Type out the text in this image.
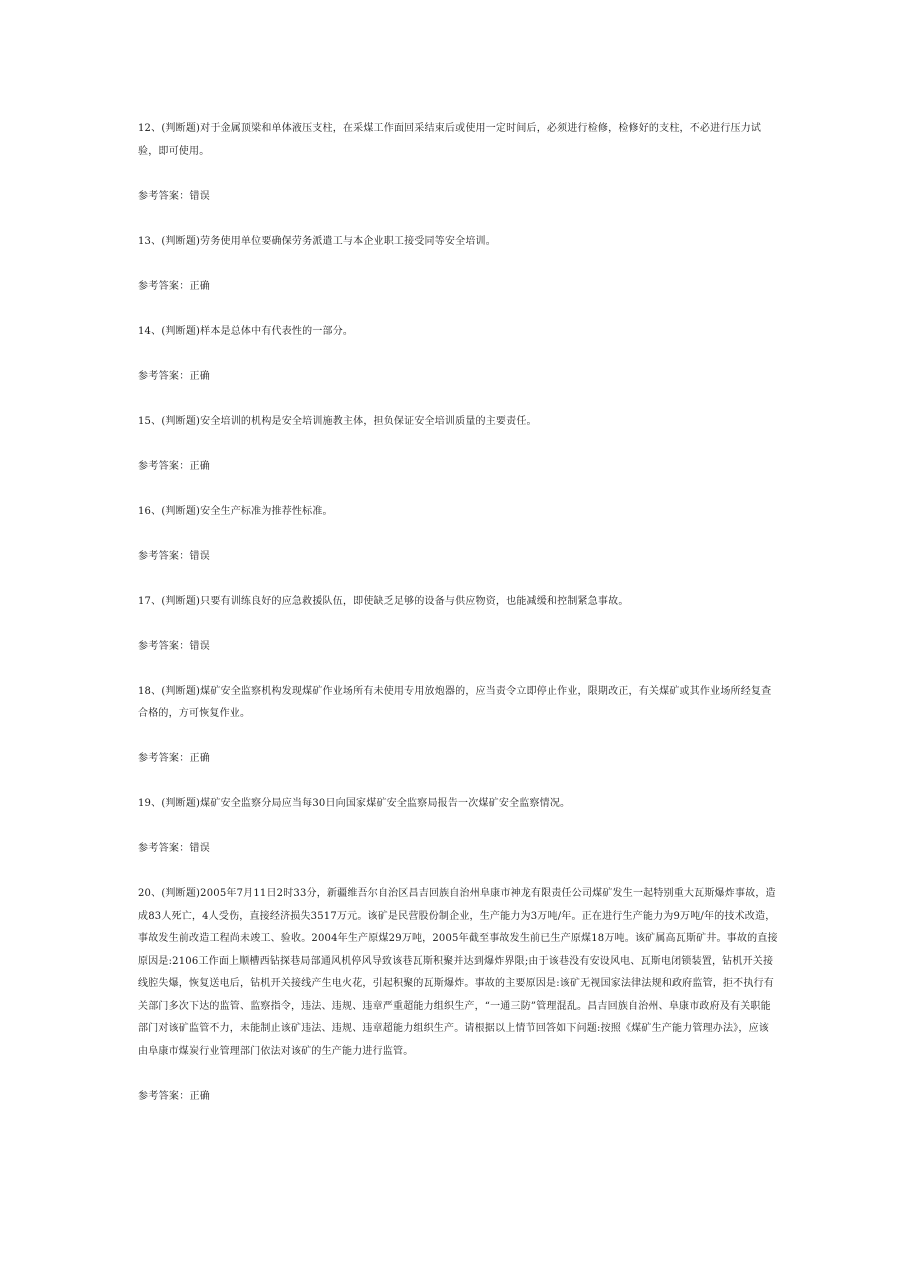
12、(判断题)对于金属顶梁和单体液压支柱，在采煤工作面回采结束后或使用一定时间后，必须进行检修，检修好的支柱，不必进行压力试验，即可使用。

参考答案：错误

13、(判断题)劳务使用单位要确保劳务派遣工与本企业职工接受同等安全培训。

参考答案：正确

14、(判断题)样本是总体中有代表性的一部分。

参考答案：正确

15、(判断题)安全培训的机构是安全培训施教主体，担负保证安全培训质量的主要责任。

参考答案：正确

16、(判断题)安全生产标准为推荐性标准。

参考答案：错误

17、(判断题)只要有训练良好的应急救援队伍，即使缺乏足够的设备与供应物资，也能减缓和控制紧急事故。

参考答案：错误

18、(判断题)煤矿安全监察机构发现煤矿作业场所有未使用专用放炮器的，应当责令立即停止作业，限期改正，有关煤矿或其作业场所经复查合格的，方可恢复作业。

参考答案：正确

19、(判断题)煤矿安全监察分局应当每30日向国家煤矿安全监察局报告一次煤矿安全监察情况。

参考答案：错误

20、(判断题)2005年7月11日2时33分，新疆维吾尔自治区昌吉回族自治州阜康市神龙有限责任公司煤矿发生一起特别重大瓦斯爆炸事故，造成83人死亡，4人受伤，直接经济损失3517万元。该矿是民营股份制企业，生产能力为3万吨/年。正在进行生产能力为9万吨/年的技术改造，事故发生前改造工程尚未竣工、验收。2004年生产原煤29万吨，2005年截至事故发生前已生产原煤18万吨。该矿属高瓦斯矿井。事故的直接原因是:2106工作面上顺槽西钻探巷局部通风机停风导致该巷瓦斯积聚并达到爆炸界限;由于该巷没有安设风电、瓦斯电闭锁装置，钻机开关接线腔失爆，恢复送电后，钻机开关接线产生电火花，引起积聚的瓦斯爆炸。事故的主要原因是:该矿无视国家法律法规和政府监管，拒不执行有关部门多次下达的监管、监察指令，违法、违规、违章严重超能力组织生产，“一通三防”管理混乱。昌吉回族自治州、阜康市政府及有关职能部门对该矿监管不力，未能制止该矿违法、违规、违章超能力组织生产。请根据以上情节回答如下问题:按照《煤矿生产能力管理办法》，应该由阜康市煤炭行业管理部门依法对该矿的生产能力进行监管。

参考答案：正确
